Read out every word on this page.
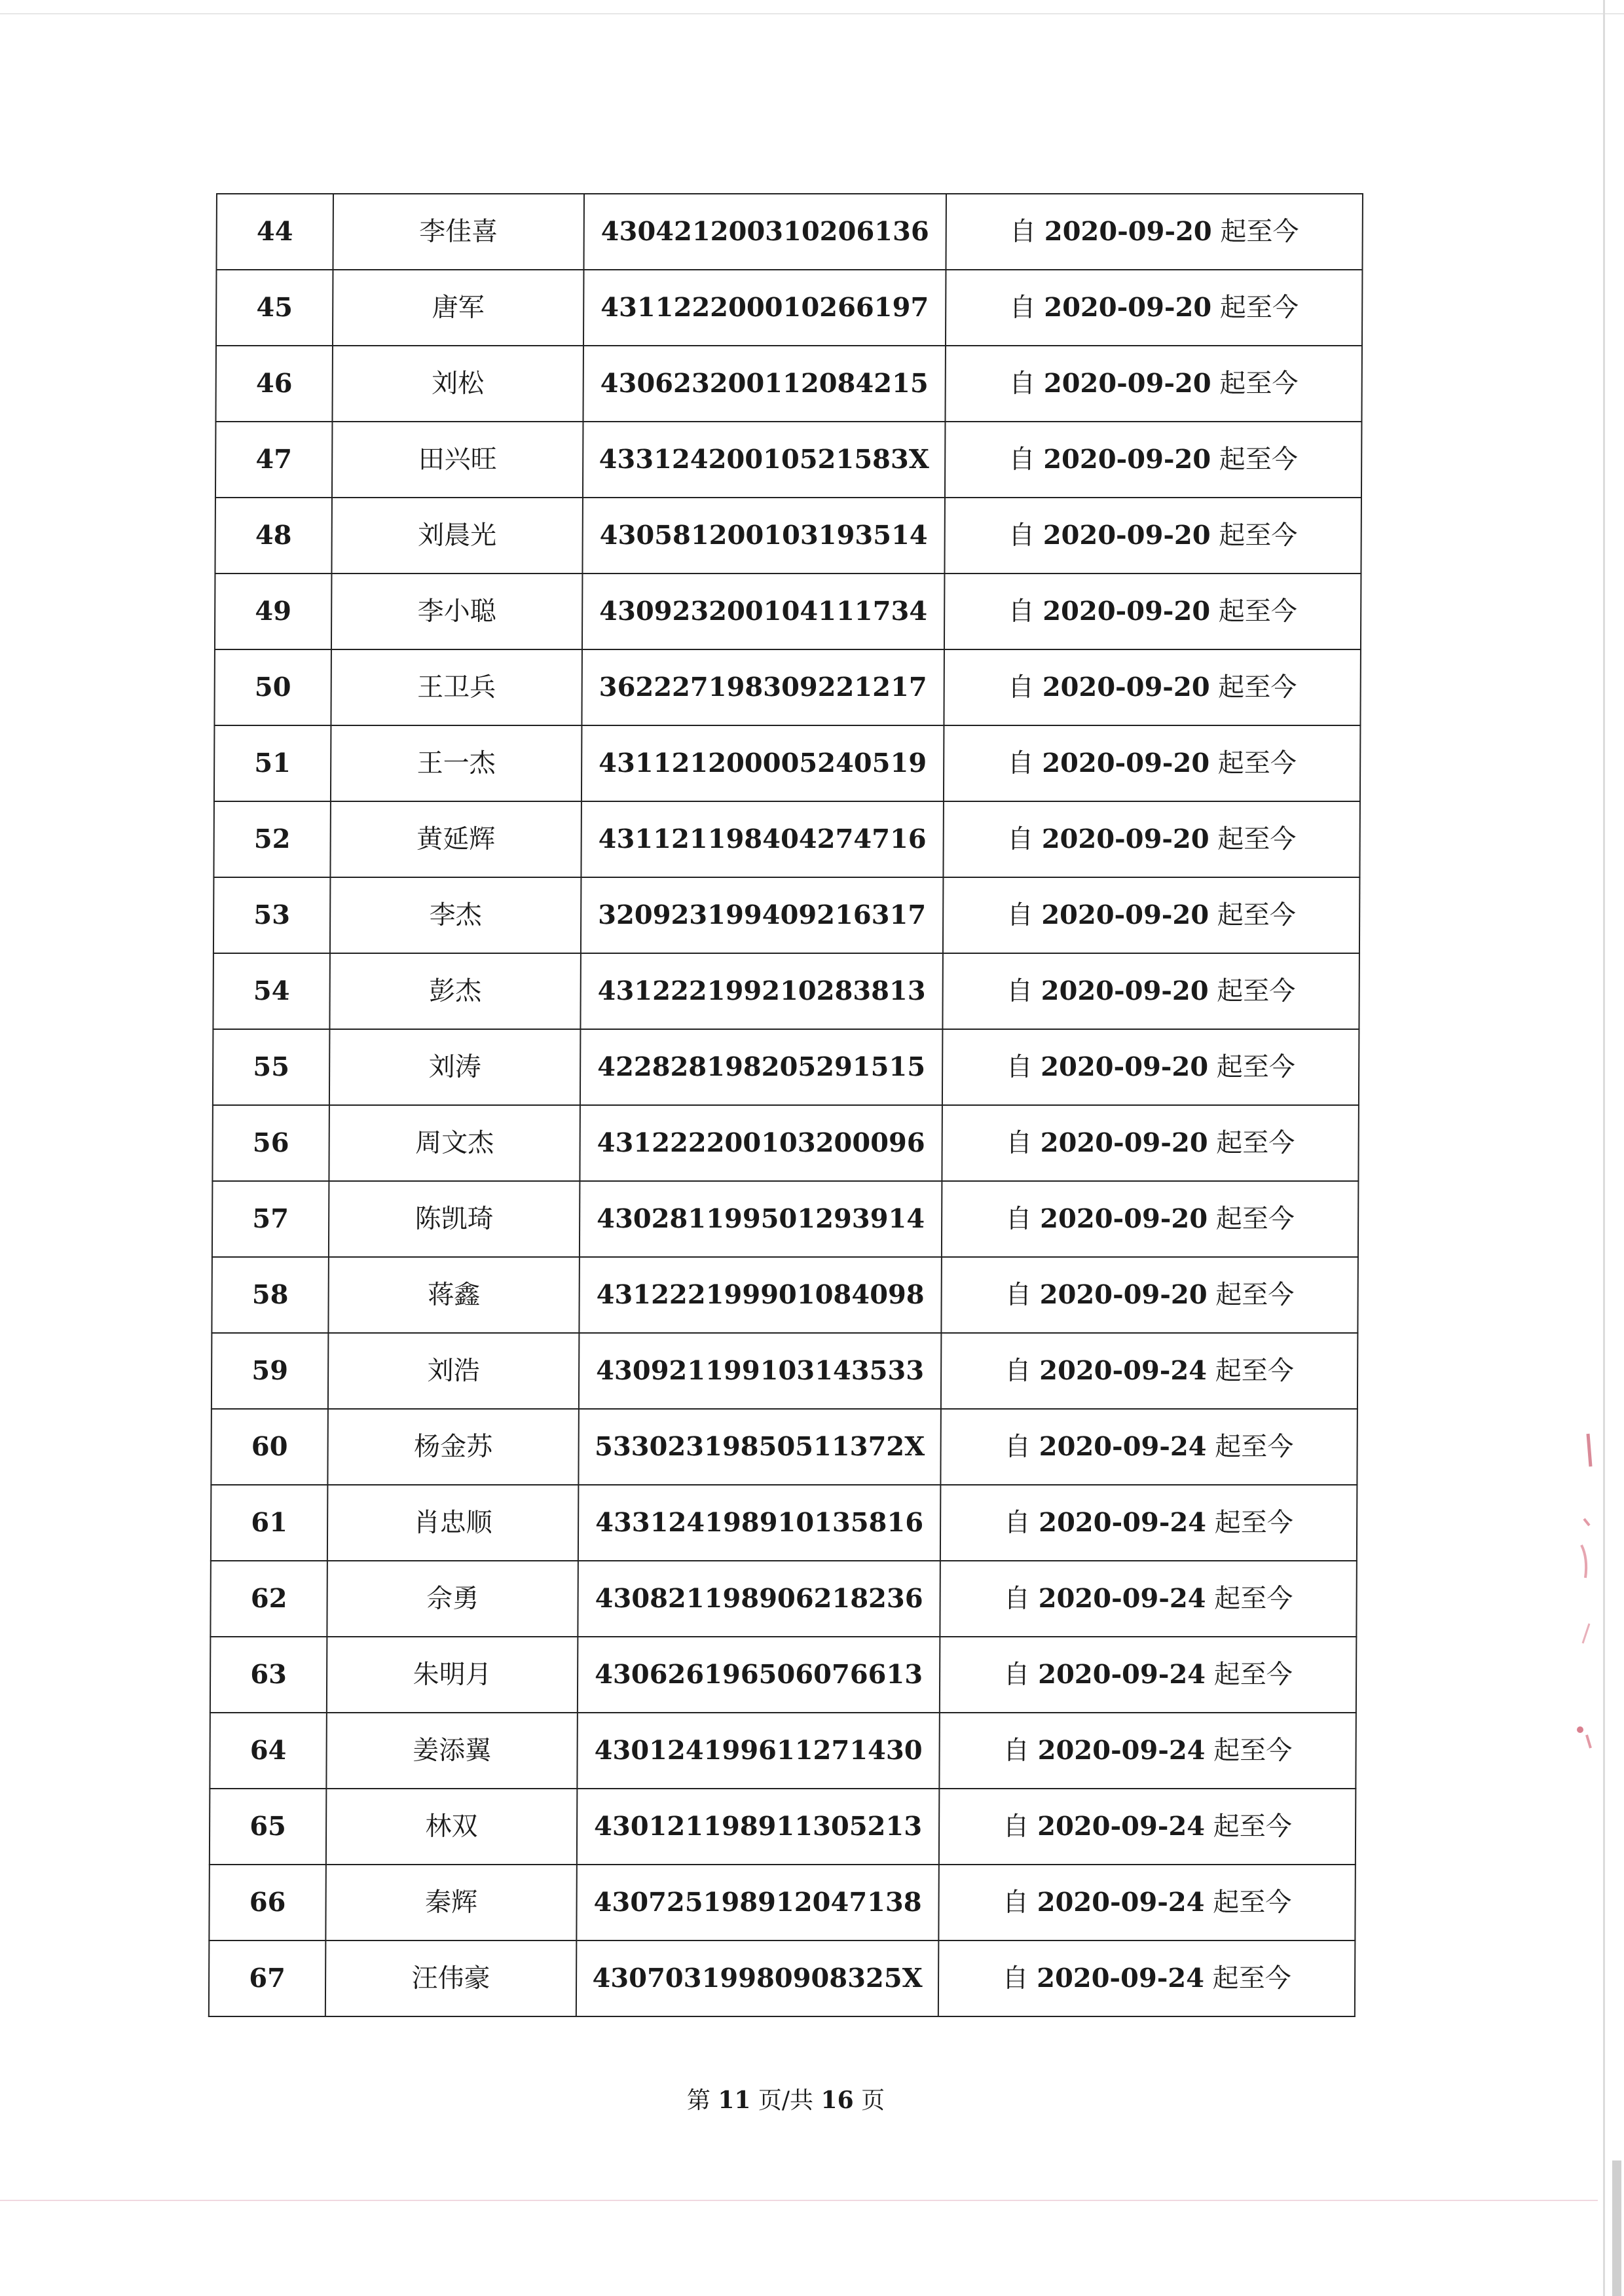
44	李佳喜	430421200310206136	自 2020-09-20 起至今
45	唐军	431122200010266197	自 2020-09-20 起至今
46	刘松	430623200112084215	自 2020-09-20 起至今
47	田兴旺	43312420010521583X	自 2020-09-20 起至今
48	刘晨光	430581200103193514	自 2020-09-20 起至今
49	李小聪	430923200104111734	自 2020-09-20 起至今
50	王卫兵	362227198309221217	自 2020-09-20 起至今
51	王一杰	431121200005240519	自 2020-09-20 起至今
52	黄延辉	431121198404274716	自 2020-09-20 起至今
53	李杰	320923199409216317	自 2020-09-20 起至今
54	彭杰	431222199210283813	自 2020-09-20 起至今
55	刘涛	422828198205291515	自 2020-09-20 起至今
56	周文杰	431222200103200096	自 2020-09-20 起至今
57	陈凯琦	430281199501293914	自 2020-09-20 起至今
58	蒋鑫	431222199901084098	自 2020-09-20 起至今
59	刘浩	430921199103143533	自 2020-09-24 起至今
60	杨金苏	53302319850511372X	自 2020-09-24 起至今
61	肖忠顺	433124198910135816	自 2020-09-24 起至今
62	佘勇	430821198906218236	自 2020-09-24 起至今
63	朱明月	430626196506076613	自 2020-09-24 起至今
64	姜添翼	430124199611271430	自 2020-09-24 起至今
65	林双	430121198911305213	自 2020-09-24 起至今
66	秦辉	430725198912047138	自 2020-09-24 起至今
67	汪伟豪	43070319980908325X	自 2020-09-24 起至今
第 11 页/共 16 页
